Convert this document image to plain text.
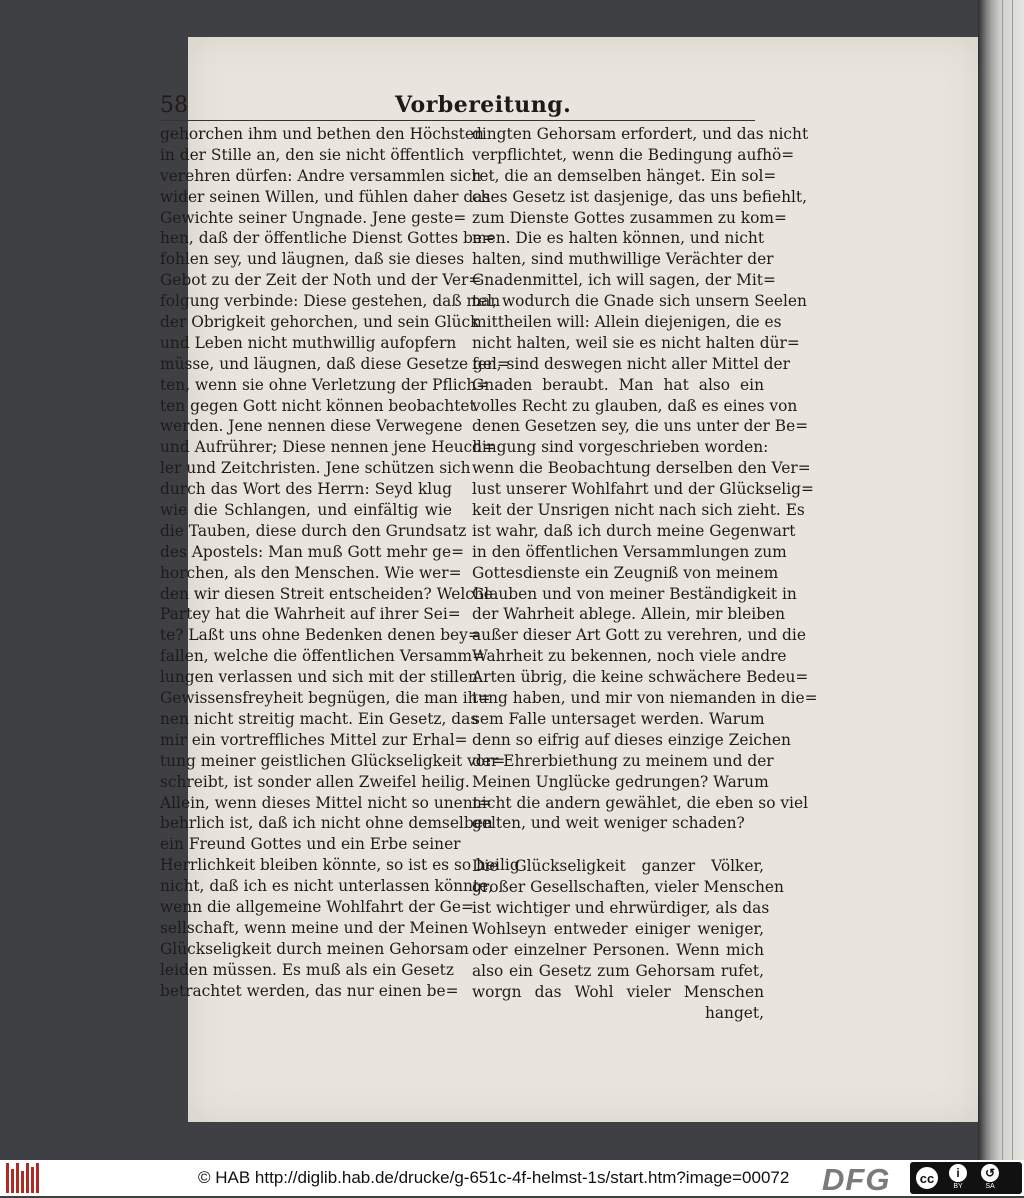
58	Vorbereitung.
gehorchen ihm und bethen den Höchsten
in der Stille an, den sie nicht öffentlich
verehren dürfen: Andre versammlen sich
wider seinen Willen, und fühlen daher das
Gewichte seiner Ungnade. Jene geste=
hen, daß der öffentliche Dienst Gottes be=
fohlen sey, und läugnen, daß sie dieses
Gebot zu der Zeit der Noth und der Ver=
folgung verbinde: Diese gestehen, daß man
der Obrigkeit gehorchen, und sein Glück
und Leben nicht muthwillig aufopfern
müsse, und läugnen, daß diese Gesetze gel=
ten, wenn sie ohne Verletzung der Pflich=
ten gegen Gott nicht können beobachtet
werden. Jene nennen diese Verwegene
und Aufrührer; Diese nennen jene Heuch=
ler und Zeitchristen. Jene schützen sich
durch das Wort des Herrn: Seyd klug
wie die Schlangen, und einfältig wie
die Tauben, diese durch den Grundsatz
des Apostels: Man muß Gott mehr ge=
horchen, als den Menschen. Wie wer=
den wir diesen Streit entscheiden? Welche
Partey hat die Wahrheit auf ihrer Sei=
te? Laßt uns ohne Bedenken denen bey=
fallen, welche die öffentlichen Versamm=
lungen verlassen und sich mit der stillen
Gewissensfreyheit begnügen, die man ih=
nen nicht streitig macht. Ein Gesetz, das
mir ein vortreffliches Mittel zur Erhal=
tung meiner geistlichen Glückseligkeit vor=
schreibt, ist sonder allen Zweifel heilig.
Allein, wenn dieses Mittel nicht so unent=
behrlich ist, daß ich nicht ohne demselben
ein Freund Gottes und ein Erbe seiner
Herrlichkeit bleiben könnte, so ist es so heilig
nicht, daß ich es nicht unterlassen könnte,
wenn die allgemeine Wohlfahrt der Ge=
sellschaft, wenn meine und der Meinen
Glückseligkeit durch meinen Gehorsam
leiden müssen. Es muß als ein Gesetz
betrachtet werden, das nur einen be=
dingten Gehorsam erfordert, und das nicht
verpflichtet, wenn die Bedingung aufhö=
ret, die an demselben hänget. Ein sol=
ches Gesetz ist dasjenige, das uns befiehlt,
zum Dienste Gottes zusammen zu kom=
men. Die es halten können, und nicht
halten, sind muthwillige Verächter der
Gnadenmittel, ich will sagen, der Mit=
tel, wodurch die Gnade sich unsern Seelen
mittheilen will: Allein diejenigen, die es
nicht halten, weil sie es nicht halten dür=
fen, sind deswegen nicht aller Mittel der
Gnaden beraubt. Man hat also ein
volles Recht zu glauben, daß es eines von
denen Gesetzen sey, die uns unter der Be=
dingung sind vorgeschrieben worden:
wenn die Beobachtung derselben den Ver=
lust unserer Wohlfahrt und der Glückselig=
keit der Unsrigen nicht nach sich zieht. Es
ist wahr, daß ich durch meine Gegenwart
in den öffentlichen Versammlungen zum
Gottesdienste ein Zeugniß von meinem
Glauben und von meiner Beständigkeit in
der Wahrheit ablege. Allein, mir bleiben
außer dieser Art Gott zu verehren, und die
Wahrheit zu bekennen, noch viele andre
Arten übrig, die keine schwächere Bedeu=
tung haben, und mir von niemanden in die=
sem Falle untersaget werden. Warum
denn so eifrig auf dieses einzige Zeichen
der Ehrerbiethung zu meinem und der
Meinen Unglücke gedrungen? Warum
nicht die andern gewählet, die eben so viel
gelten, und weit weniger schaden?
Die Glückseligkeit ganzer Völker,
großer Gesellschaften, vieler Menschen
ist wichtiger und ehrwürdiger, als das
Wohlseyn entweder einiger weniger,
oder einzelner Personen. Wenn mich
also ein Gesetz zum Gehorsam rufet,
worgn das Wohl vieler Menschen
hanget,
© HAB http://diglib.hab.de/drucke/g-651c-4f-helmst-1s/start.htm?image=00072 DFG	cc	i
BY
↺
SA
